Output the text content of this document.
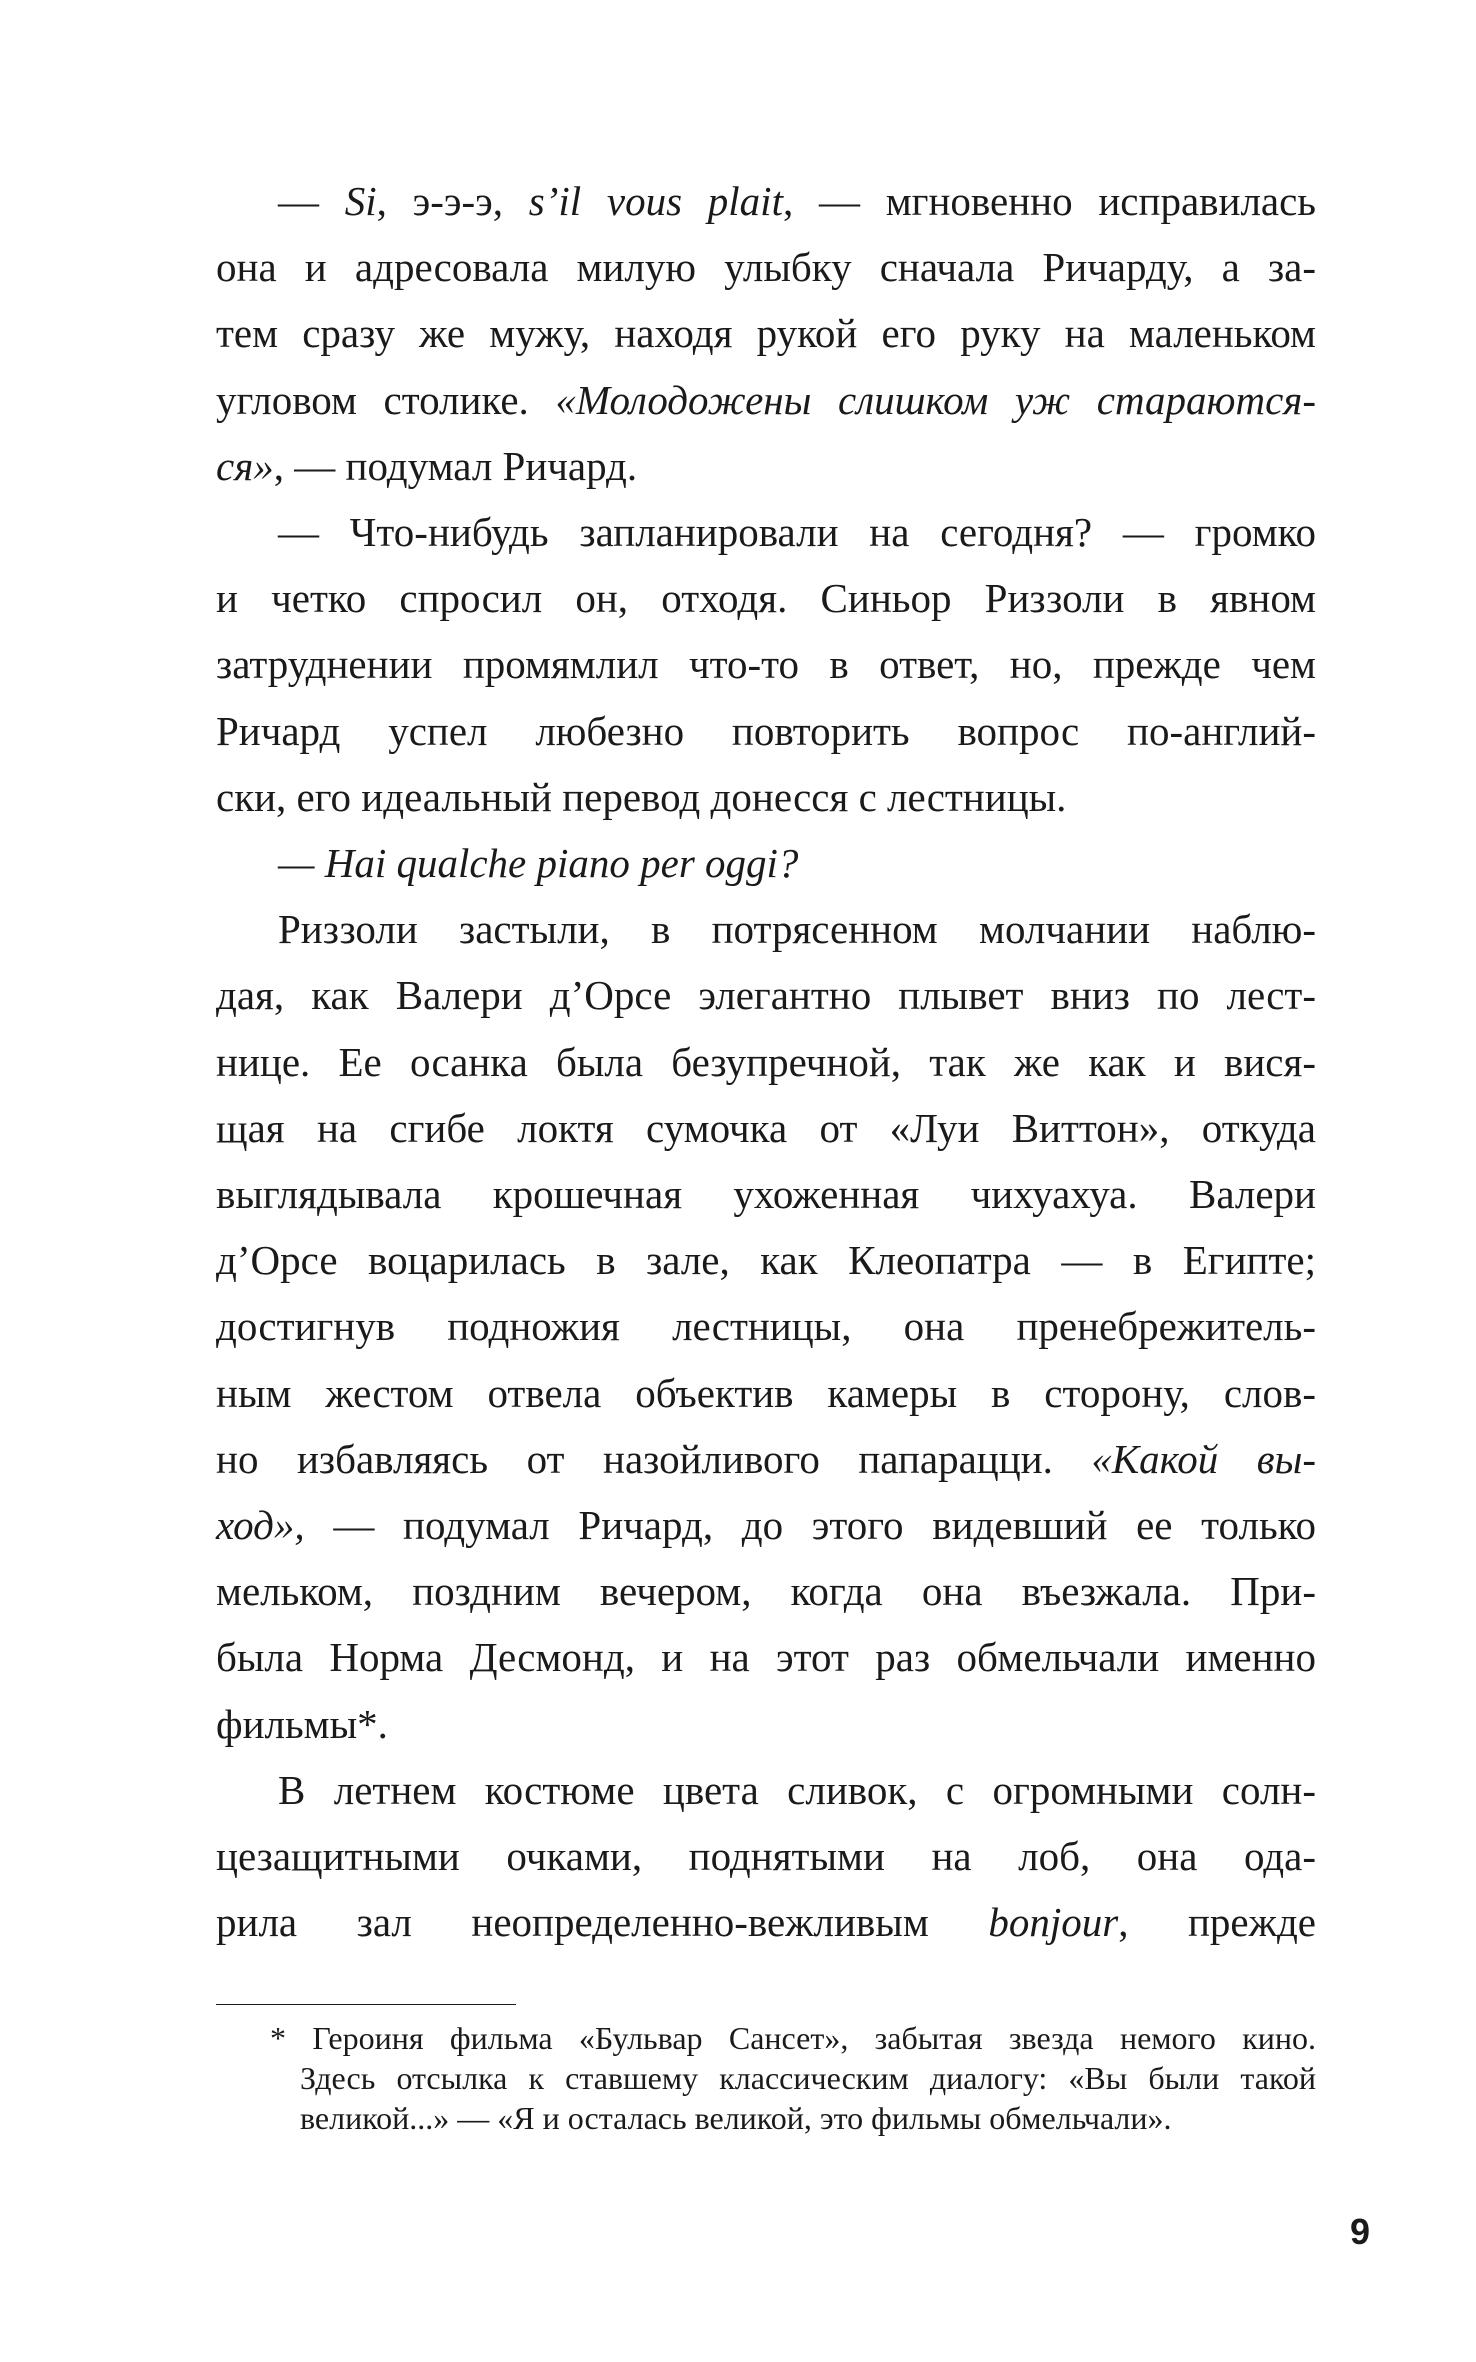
— Si, э-э-э, s’il vous plait, — мгновенно исправилась
она и адресовала милую улыбку сначала Ричарду, а за-
тем сразу же мужу, находя рукой его руку на маленьком
угловом столике. «Молодожены слишком уж стараются-
ся», — подумал Ричард.
— Что-нибудь запланировали на сегодня? — громко
и четко спросил он, отходя. Синьор Риззоли в явном
затруднении промямлил что-то в ответ, но, прежде чем
Ричард успел любезно повторить вопрос по-англий-
ски, его идеальный перевод донесся с лестницы.
— Hai qualche piano per oggi?
Риззоли застыли, в потрясенном молчании наблю-
дая, как Валери д’Орсе элегантно плывет вниз по лест-
нице. Ее осанка была безупречной, так же как и вися-
щая на сгибе локтя сумочка от «Луи Виттон», откуда
выглядывала крошечная ухоженная чихуахуа. Валери
д’Орсе воцарилась в зале, как Клеопатра — в Египте;
достигнув подножия лестницы, она пренебрежитель-
ным жестом отвела объектив камеры в сторону, слов-
но избавляясь от назойливого папарацци. «Какой вы-
ход», — подумал Ричард, до этого видевший ее только
мельком, поздним вечером, когда она въезжала. При-
была Норма Десмонд, и на этот раз обмельчали именно
фильмы*.
В летнем костюме цвета сливок, с огромными солн-
цезащитными очками, поднятыми на лоб, она ода-
рила зал неопределенно-вежливым bonjour, прежде
* Героиня фильма «Бульвар Сансет», забытая звезда немого кино.
Здесь отсылка к ставшему классическим диалогу: «Вы были такой
великой...» — «Я и осталась великой, это фильмы обмельчали».
9
